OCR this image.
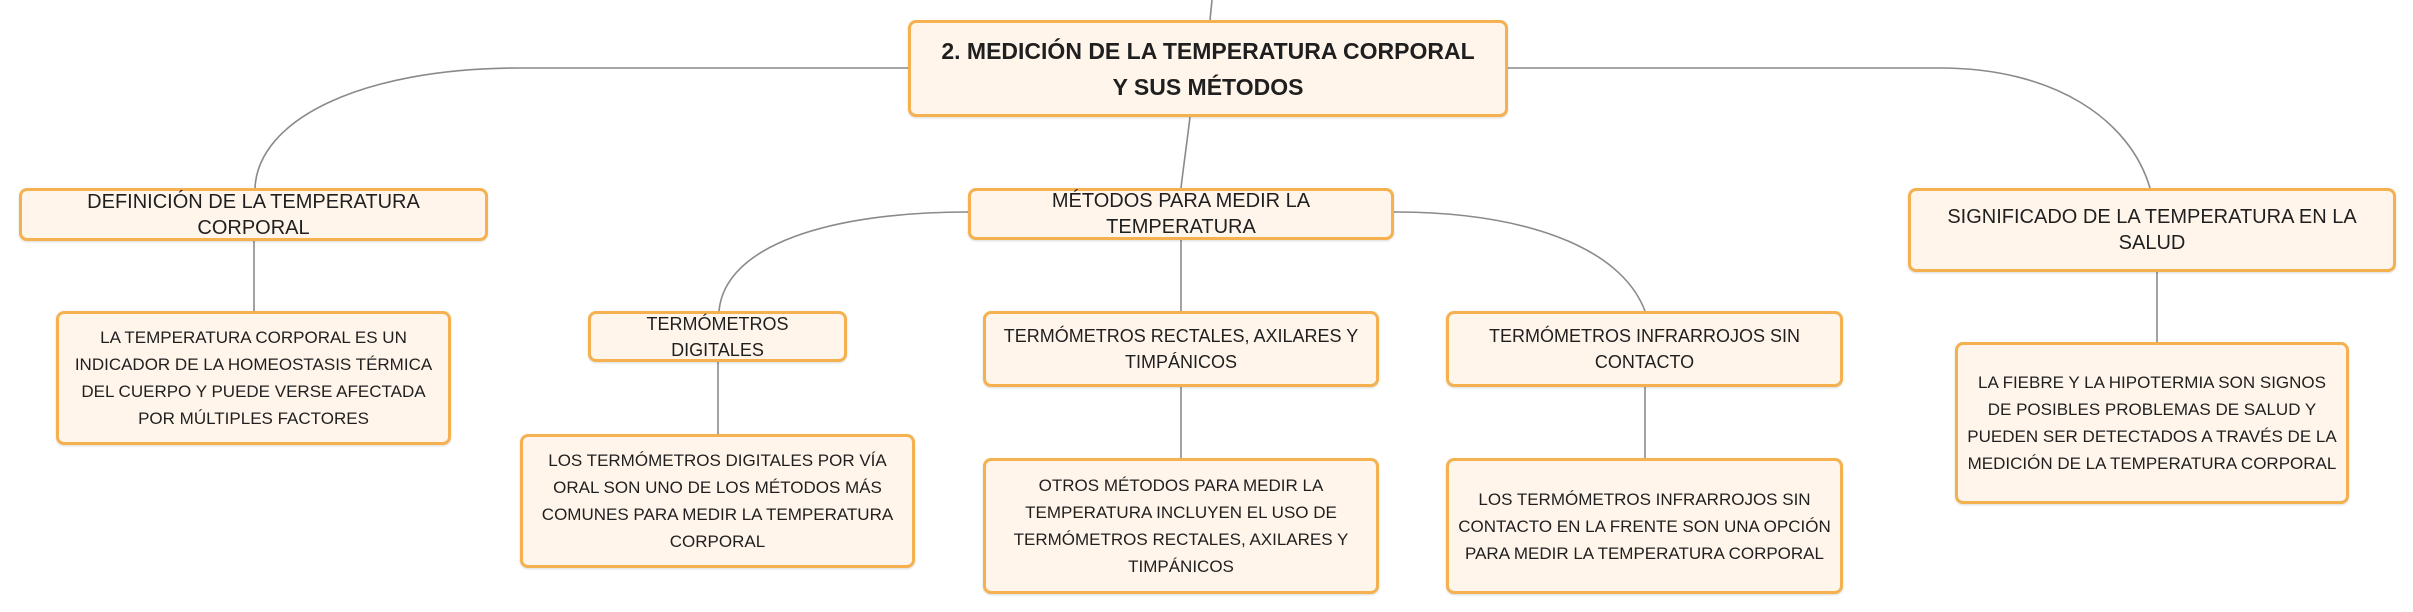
2. MEDICIÓN DE LA TEMPERATURA CORPORAL Y SUS MÉTODOS
DEFINICIÓN DE LA TEMPERATURA CORPORAL
LA TEMPERATURA CORPORAL ES UN INDICADOR DE LA HOMEOSTASIS TÉRMICA DEL CUERPO Y PUEDE VERSE AFECTADA POR MÚLTIPLES FACTORES
MÉTODOS PARA MEDIR LA TEMPERATURA
TERMÓMETROS DIGITALES
LOS TERMÓMETROS DIGITALES POR VÍA ORAL SON UNO DE LOS MÉTODOS MÁS COMUNES PARA MEDIR LA TEMPERATURA CORPORAL
TERMÓMETROS RECTALES, AXILARES Y TIMPÁNICOS
OTROS MÉTODOS PARA MEDIR LA TEMPERATURA INCLUYEN EL USO DE TERMÓMETROS RECTALES, AXILARES Y TIMPÁNICOS
TERMÓMETROS INFRARROJOS SIN CONTACTO
LOS TERMÓMETROS INFRARROJOS SIN CONTACTO EN LA FRENTE SON UNA OPCIÓN PARA MEDIR LA TEMPERATURA CORPORAL
SIGNIFICADO DE LA TEMPERATURA EN LA SALUD
LA FIEBRE Y LA HIPOTERMIA SON SIGNOS DE POSIBLES PROBLEMAS DE SALUD Y PUEDEN SER DETECTADOS A TRAVÉS DE LA MEDICIÓN DE LA TEMPERATURA CORPORAL
